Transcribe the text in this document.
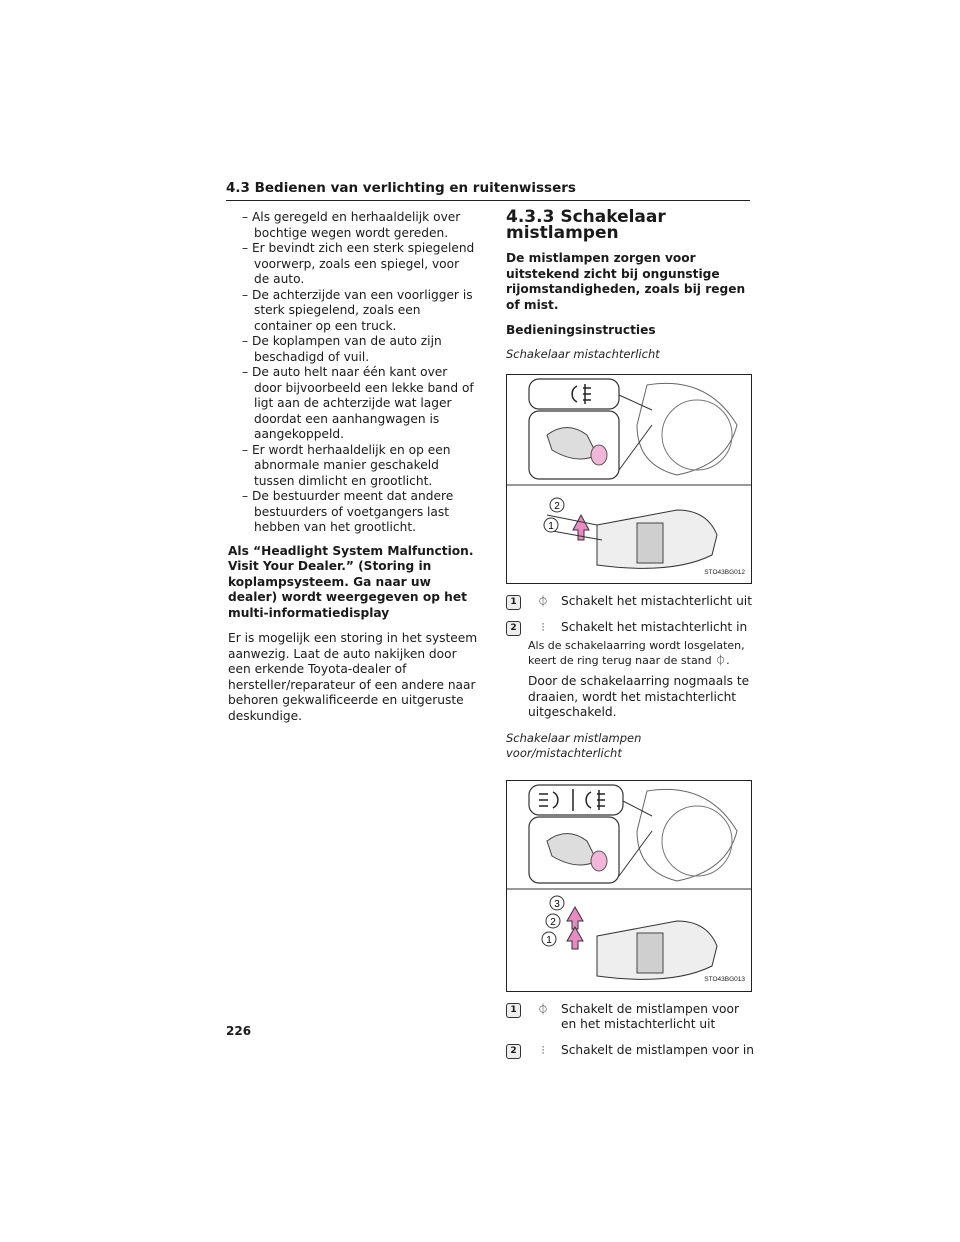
4.3 Bedienen van verlichting en ruitenwissers

– Als geregeld en herhaaldelijk over bochtige wegen wordt gereden.

– Er bevindt zich een sterk spiegelend voorwerp, zoals een spiegel, voor de auto.

– De achterzijde van een voorligger is sterk spiegelend, zoals een container op een truck.

– De koplampen van de auto zijn beschadigd of vuil.

– De auto helt naar één kant over door bijvoorbeeld een lekke band of ligt aan de achterzijde wat lager doordat een aanhangwagen is aangekoppeld.

– Er wordt herhaaldelijk en op een abnormale manier geschakeld tussen dimlicht en grootlicht.

– De bestuurder meent dat andere bestuurders of voetgangers last hebben van het grootlicht.

Als “Headlight System Malfunction. Visit Your Dealer.” (Storing in koplampsysteem. Ga naar uw dealer) wordt weergegeven op het multi-informatiedisplay

Er is mogelijk een storing in het systeem aanwezig. Laat de auto nakijken door een erkende Toyota-dealer of hersteller/reparateur of een andere naar behoren gekwalificeerde en uitgeruste deskundige.

4.3.3 Schakelaar mistlampen

De mistlampen zorgen voor uitstekend zicht bij ongunstige rijomstandigheden, zoals bij regen of mist.

Bedieningsinstructies

Schakelaar mistachterlicht

2
1
STO43BG012
1	⏀	Schakelt het mistachterlicht uit
2	⫶	Schakelt het mistachterlicht in
Als de schakelaarring wordt losgelaten, keert de ring terug naar de stand ⏀.
Door de schakelaarring nogmaals te draaien, wordt het mistachterlicht uitgeschakeld.

Schakelaar mistlampen voor/mistachterlicht

3
2
1
STO43BG013
1	⏀	Schakelt de mistlampen voor en het mistachterlicht uit
2	⫶	Schakelt de mistlampen voor in
226
